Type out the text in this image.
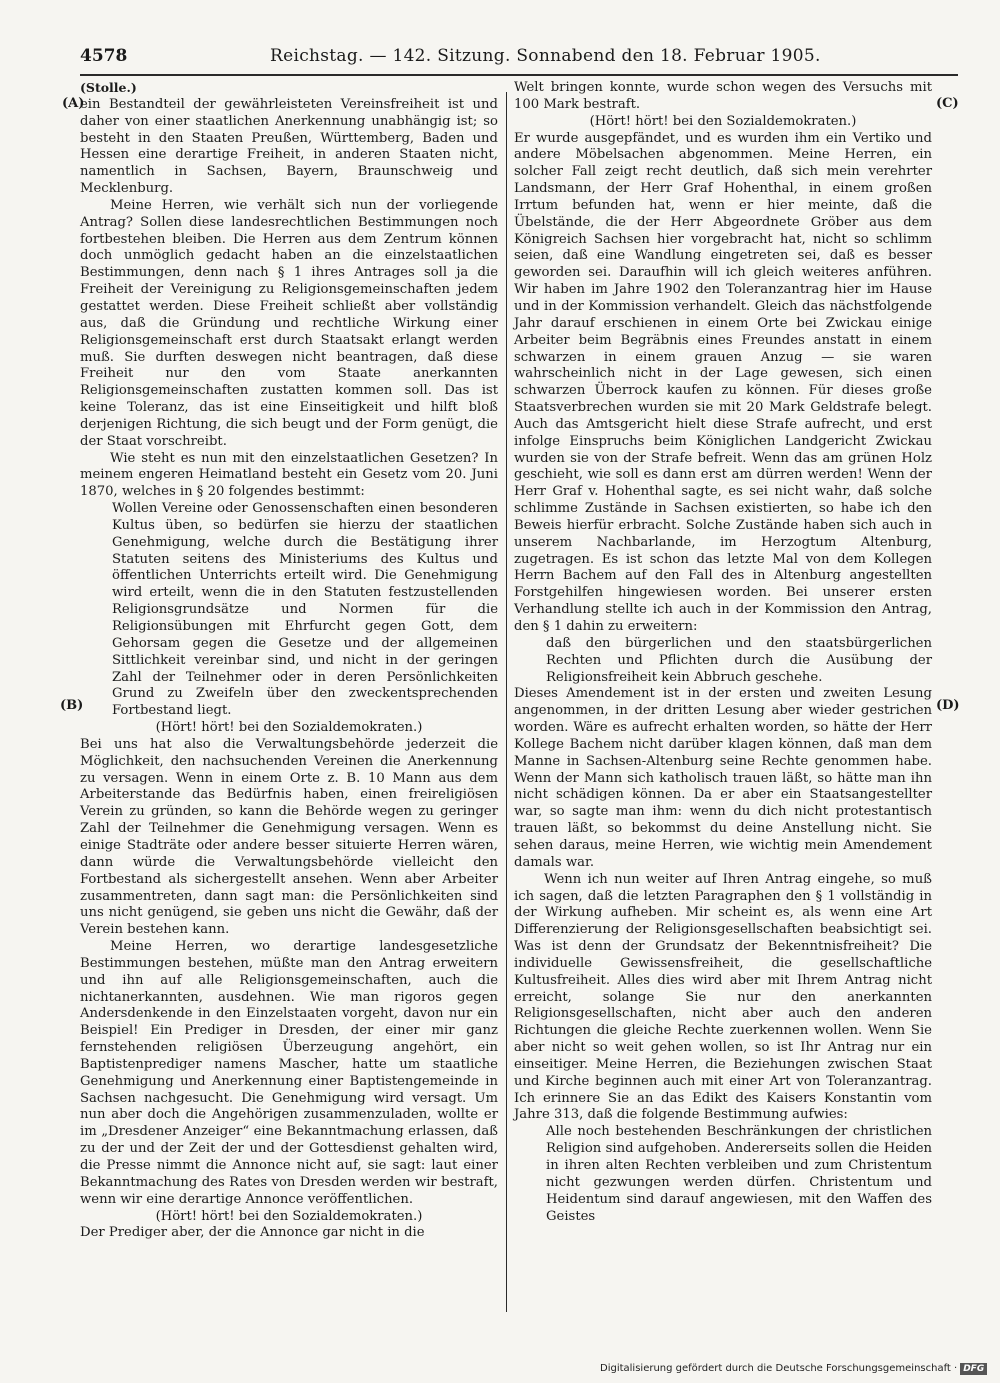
4578	Reichstag. — 142. Sitzung. Sonnabend den 18. Februar 1905.
(A)
(B)
(C)
(D)

(Stolle.)

ein Bestandteil der gewährleisteten Vereinsfreiheit ist und daher von einer staatlichen Anerkennung unabhängig ist; so besteht in den Staaten Preußen, Württemberg, Baden und Hessen eine derartige Freiheit, in anderen Staaten nicht, namentlich in Sachsen, Bayern, Braunschweig und Mecklenburg.

Meine Herren, wie verhält sich nun der vorliegende Antrag? Sollen diese landesrechtlichen Bestimmungen noch fortbestehen bleiben. Die Herren aus dem Zentrum können doch unmöglich gedacht haben an die einzelstaatlichen Bestimmungen, denn nach § 1 ihres Antrages soll ja die Freiheit der Vereinigung zu Religionsgemeinschaften jedem gestattet werden. Diese Freiheit schließt aber vollständig aus, daß die Gründung und rechtliche Wirkung einer Religionsgemeinschaft erst durch Staatsakt erlangt werden muß. Sie durften deswegen nicht beantragen, daß diese Freiheit nur den vom Staate anerkannten Religionsgemeinschaften zustatten kommen soll. Das ist keine Toleranz, das ist eine Einseitigkeit und hilft bloß derjenigen Richtung, die sich beugt und der Form genügt, die der Staat vorschreibt.

Wie steht es nun mit den einzelstaatlichen Gesetzen? In meinem engeren Heimatland besteht ein Gesetz vom 20. Juni 1870, welches in § 20 folgendes bestimmt:

Wollen Vereine oder Genossenschaften einen besonderen Kultus üben, so bedürfen sie hierzu der staatlichen Genehmigung, welche durch die Bestätigung ihrer Statuten seitens des Ministeriums des Kultus und öffentlichen Unterrichts erteilt wird. Die Genehmigung wird erteilt, wenn die in den Statuten festzustellenden Religionsgrundsätze und Normen für die Religionsübungen mit Ehrfurcht gegen Gott, dem Gehorsam gegen die Gesetze und der allgemeinen Sittlichkeit vereinbar sind, und nicht in der geringen Zahl der Teilnehmer oder in deren Persönlichkeiten Grund zu Zweifeln über den zweckentsprechenden Fortbestand liegt.

(Hört! hört! bei den Sozialdemokraten.)

Bei uns hat also die Verwaltungsbehörde jederzeit die Möglichkeit, den nachsuchenden Vereinen die Anerkennung zu versagen. Wenn in einem Orte z. B. 10 Mann aus dem Arbeiterstande das Bedürfnis haben, einen freireligiösen Verein zu gründen, so kann die Behörde wegen zu geringer Zahl der Teilnehmer die Genehmigung versagen. Wenn es einige Stadträte oder andere besser situierte Herren wären, dann würde die Verwaltungsbehörde vielleicht den Fortbestand als sichergestellt ansehen. Wenn aber Arbeiter zusammentreten, dann sagt man: die Persönlichkeiten sind uns nicht genügend, sie geben uns nicht die Gewähr, daß der Verein bestehen kann.

Meine Herren, wo derartige landesgesetzliche Bestimmungen bestehen, müßte man den Antrag erweitern und ihn auf alle Religionsgemeinschaften, auch die nichtanerkannten, ausdehnen. Wie man rigoros gegen Andersdenkende in den Einzelstaaten vorgeht, davon nur ein Beispiel! Ein Prediger in Dresden, der einer mir ganz fernstehenden religiösen Überzeugung angehört, ein Baptistenprediger namens Mascher, hatte um staatliche Genehmigung und Anerkennung einer Baptistengemeinde in Sachsen nachgesucht. Die Genehmigung wird versagt. Um nun aber doch die Angehörigen zusammenzuladen, wollte er im „Dresdener Anzeiger“ eine Bekanntmachung erlassen, daß zu der und der Zeit der und der Gottesdienst gehalten wird, die Presse nimmt die Annonce nicht auf, sie sagt: laut einer Bekanntmachung des Rates von Dresden werden wir bestraft, wenn wir eine derartige Annonce veröffentlichen.

(Hört! hört! bei den Sozialdemokraten.)

Der Prediger aber, der die Annonce gar nicht in die

Welt bringen konnte, wurde schon wegen des Versuchs mit 100 Mark bestraft.

(Hört! hört! bei den Sozialdemokraten.)

Er wurde ausgepfändet, und es wurden ihm ein Vertiko und andere Möbelsachen abgenommen. Meine Herren, ein solcher Fall zeigt recht deutlich, daß sich mein verehrter Landsmann, der Herr Graf Hohenthal, in einem großen Irrtum befunden hat, wenn er hier meinte, daß die Übelstände, die der Herr Abgeordnete Gröber aus dem Königreich Sachsen hier vorgebracht hat, nicht so schlimm seien, daß eine Wandlung eingetreten sei, daß es besser geworden sei. Daraufhin will ich gleich weiteres anführen. Wir haben im Jahre 1902 den Toleranzantrag hier im Hause und in der Kommission verhandelt. Gleich das nächstfolgende Jahr darauf erschienen in einem Orte bei Zwickau einige Arbeiter beim Begräbnis eines Freundes anstatt in einem schwarzen in einem grauen Anzug — sie waren wahrscheinlich nicht in der Lage gewesen, sich einen schwarzen Überrock kaufen zu können. Für dieses große Staatsverbrechen wurden sie mit 20 Mark Geldstrafe belegt. Auch das Amtsgericht hielt diese Strafe aufrecht, und erst infolge Einspruchs beim Königlichen Landgericht Zwickau wurden sie von der Strafe befreit. Wenn das am grünen Holz geschieht, wie soll es dann erst am dürren werden! Wenn der Herr Graf v. Hohenthal sagte, es sei nicht wahr, daß solche schlimme Zustände in Sachsen existierten, so habe ich den Beweis hierfür erbracht. Solche Zustände haben sich auch in unserem Nachbarlande, im Herzogtum Altenburg, zugetragen. Es ist schon das letzte Mal von dem Kollegen Herrn Bachem auf den Fall des in Altenburg angestellten Forstgehilfen hingewiesen worden. Bei unserer ersten Verhandlung stellte ich auch in der Kommission den Antrag, den § 1 dahin zu erweitern:

daß den bürgerlichen und den staatsbürgerlichen Rechten und Pflichten durch die Ausübung der Religionsfreiheit kein Abbruch geschehe.

Dieses Amendement ist in der ersten und zweiten Lesung angenommen, in der dritten Lesung aber wieder gestrichen worden. Wäre es aufrecht erhalten worden, so hätte der Herr Kollege Bachem nicht darüber klagen können, daß man dem Manne in Sachsen-Altenburg seine Rechte genommen habe. Wenn der Mann sich katholisch trauen läßt, so hätte man ihn nicht schädigen können. Da er aber ein Staatsangestellter war, so sagte man ihm: wenn du dich nicht protestantisch trauen läßt, so bekommst du deine Anstellung nicht. Sie sehen daraus, meine Herren, wie wichtig mein Amendement damals war.

Wenn ich nun weiter auf Ihren Antrag eingehe, so muß ich sagen, daß die letzten Paragraphen den § 1 vollständig in der Wirkung aufheben. Mir scheint es, als wenn eine Art Differenzierung der Religionsgesellschaften beabsichtigt sei. Was ist denn der Grundsatz der Bekenntnisfreiheit? Die individuelle Gewissensfreiheit, die gesellschaftliche Kultusfreiheit. Alles dies wird aber mit Ihrem Antrag nicht erreicht, solange Sie nur den anerkannten Religionsgesellschaften, nicht aber auch den anderen Richtungen die gleiche Rechte zuerkennen wollen. Wenn Sie aber nicht so weit gehen wollen, so ist Ihr Antrag nur ein einseitiger. Meine Herren, die Beziehungen zwischen Staat und Kirche beginnen auch mit einer Art von Toleranzantrag. Ich erinnere Sie an das Edikt des Kaisers Konstantin vom Jahre 313, daß die folgende Bestimmung aufwies:

Alle noch bestehenden Beschränkungen der christlichen Religion sind aufgehoben. Andererseits sollen die Heiden in ihren alten Rechten verbleiben und zum Christentum nicht gezwungen werden dürfen. Christentum und Heidentum sind darauf angewiesen, mit den Waffen des Geistes

Digitalisierung gefördert durch die Deutsche Forschungsgemeinschaft · DFG
